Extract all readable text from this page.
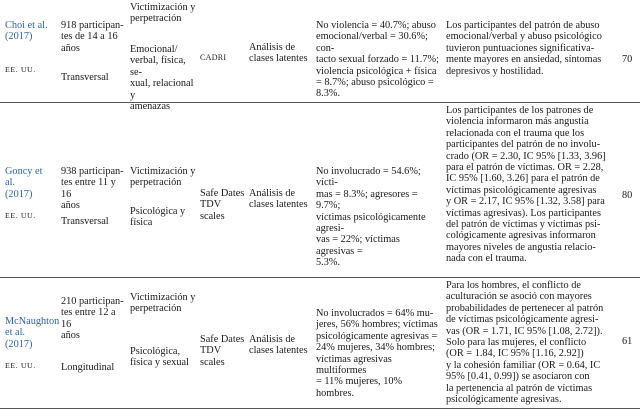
Choi et al.
(2017)
EE. UU.
918 participan-
tes de 14 a 16
años
Transversal
Victimización y
perpetración
Emocional/
verbal, física, se-
xual, relacional y
amenazas
CADRI
Análisis de
clases latentes
No violencia = 40.7%; abuso
emocional/verbal = 30.6%; con-
tacto sexual forzado = 11.7%;
violencia psicológica + física
= 8.7%; abuso psicológico =
8.3%.
Los participantes del patrón de abuso
emocional/verbal y abuso psicológico
tuvieron puntuaciones significativa-
mente mayores en ansiedad, síntomas
depresivos y hostilidad.
70
Goncy et al.
(2017)
EE. UU.
938 participan-
tes entre 11 y 16
años
Transversal
Victimización y
perpetración
Psicológica y
física
Safe Dates
TDV scales
Análisis de
clases latentes
No involucrado = 54.6%; vícti-
mas = 8.3%; agresores = 9.7%;
víctimas psicológicamente agresi-
vas = 22%; víctimas agresivas =
5.3%.
Los participantes de los patrones de
violencia informaron más angustia
relacionada con el trauma que los
participantes del patrón de no involu-
crado (OR = 2.30, IC 95% [1.33, 3.96]
para el patrón de víctimas. OR = 2.28,
IC 95% [1.60, 3.26] para el patrón de
víctimas psicológicamente agresivas
y OR = 2.17, IC 95% [1.32, 3.58] para
víctimas agresivas). Los participantes
del patrón de víctimas y víctimas psi-
cológicamente agresivas informaron
mayores niveles de angustia relacio-
nada con el trauma.
80
McNaughton
et al. (2017)
EE. UU.
210 participan-
tes entre 12 a 16
años
Longitudinal
Victimización y
perpetración
Psicológica,
física y sexual
Safe Dates
TDV scales
Análisis de
clases latentes
No involucrados = 64% mu-
jeres, 56% hombres; víctimas
psicológicamente agresivas =
24% mujeres, 34% hombres;
víctimas agresivas multiformes
= 11% mujeres, 10% hombres.
Para los hombres, el conflicto de
aculturación se asoció con mayores
probabilidades de pertenecer al patrón
de víctimas psicológicamente agresi-
vas (OR = 1.71, IC 95% [1.08, 2.72]).
Solo para las mujeres, el conflicto
(OR = 1.84, IC 95% [1.16, 2.92])
y la cohesión familiar (OR = 0.64, IC
95% [0.41, 0.99]) se asociaron con
la pertenencia al patrón de víctimas
psicológicamente agresivas.
61
